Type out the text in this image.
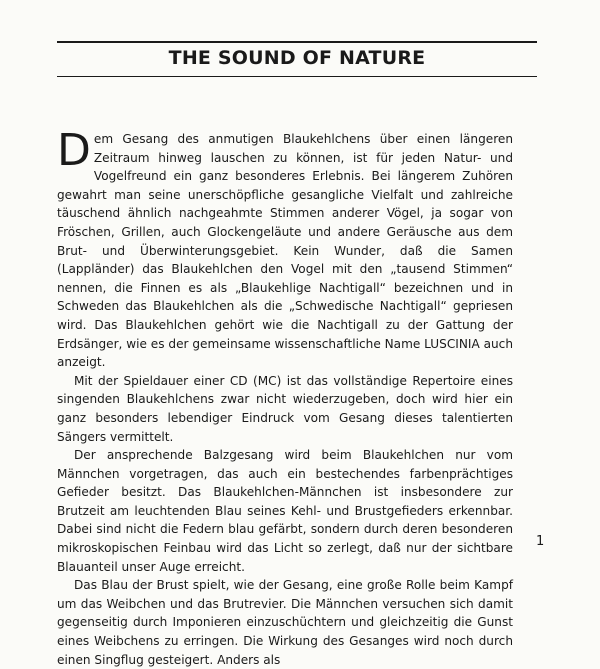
THE SOUND OF NATURE

Dem Gesang des anmutigen Blaukehlchens über einen längeren Zeitraum hinweg lauschen zu können, ist für jeden Natur- und Vogelfreund ein ganz besonderes Erlebnis. Bei längerem Zuhören gewahrt man seine unerschöpfliche gesangliche Vielfalt und zahlreiche täuschend ähnlich nachgeahmte Stimmen anderer Vögel, ja sogar von Fröschen, Grillen, auch Glockengeläute und andere Geräusche aus dem Brut- und Überwinterungsgebiet. Kein Wunder, daß die Samen (Lappländer) das Blaukehlchen den Vogel mit den „tausend Stimmen“ nennen, die Finnen es als „Blaukehlige Nachtigall“ bezeichnen und in Schweden das Blaukehlchen als die „Schwedische Nachtigall“ gepriesen wird. Das Blaukehlchen gehört wie die Nachtigall zu der Gattung der Erdsänger, wie es der gemeinsame wissenschaftliche Name LUSCINIA auch anzeigt.

Mit der Spieldauer einer CD (MC) ist das vollständige Repertoire eines singenden Blaukehlchens zwar nicht wiederzugeben, doch wird hier ein ganz besonders lebendiger Eindruck vom Gesang dieses talentierten Sängers vermittelt.

Der ansprechende Balzgesang wird beim Blaukehlchen nur vom Männchen vorgetragen, das auch ein bestechendes farbenprächtiges Gefieder besitzt. Das Blaukehlchen-Männchen ist insbesondere zur Brutzeit am leuchtenden Blau seines Kehl- und Brustgefieders erkennbar. Dabei sind nicht die Federn blau gefärbt, sondern durch deren besonderen mikroskopischen Feinbau wird das Licht so zerlegt, daß nur der sichtbare Blauanteil unser Auge erreicht.

Das Blau der Brust spielt, wie der Gesang, eine große Rolle beim Kampf um das Weibchen und das Brutrevier. Die Männchen versuchen sich damit gegenseitig durch Imponieren einzuschüchtern und gleichzeitig die Gunst eines Weibchens zu erringen. Die Wirkung des Gesanges wird noch durch einen Singflug gesteigert. Anders als

1
